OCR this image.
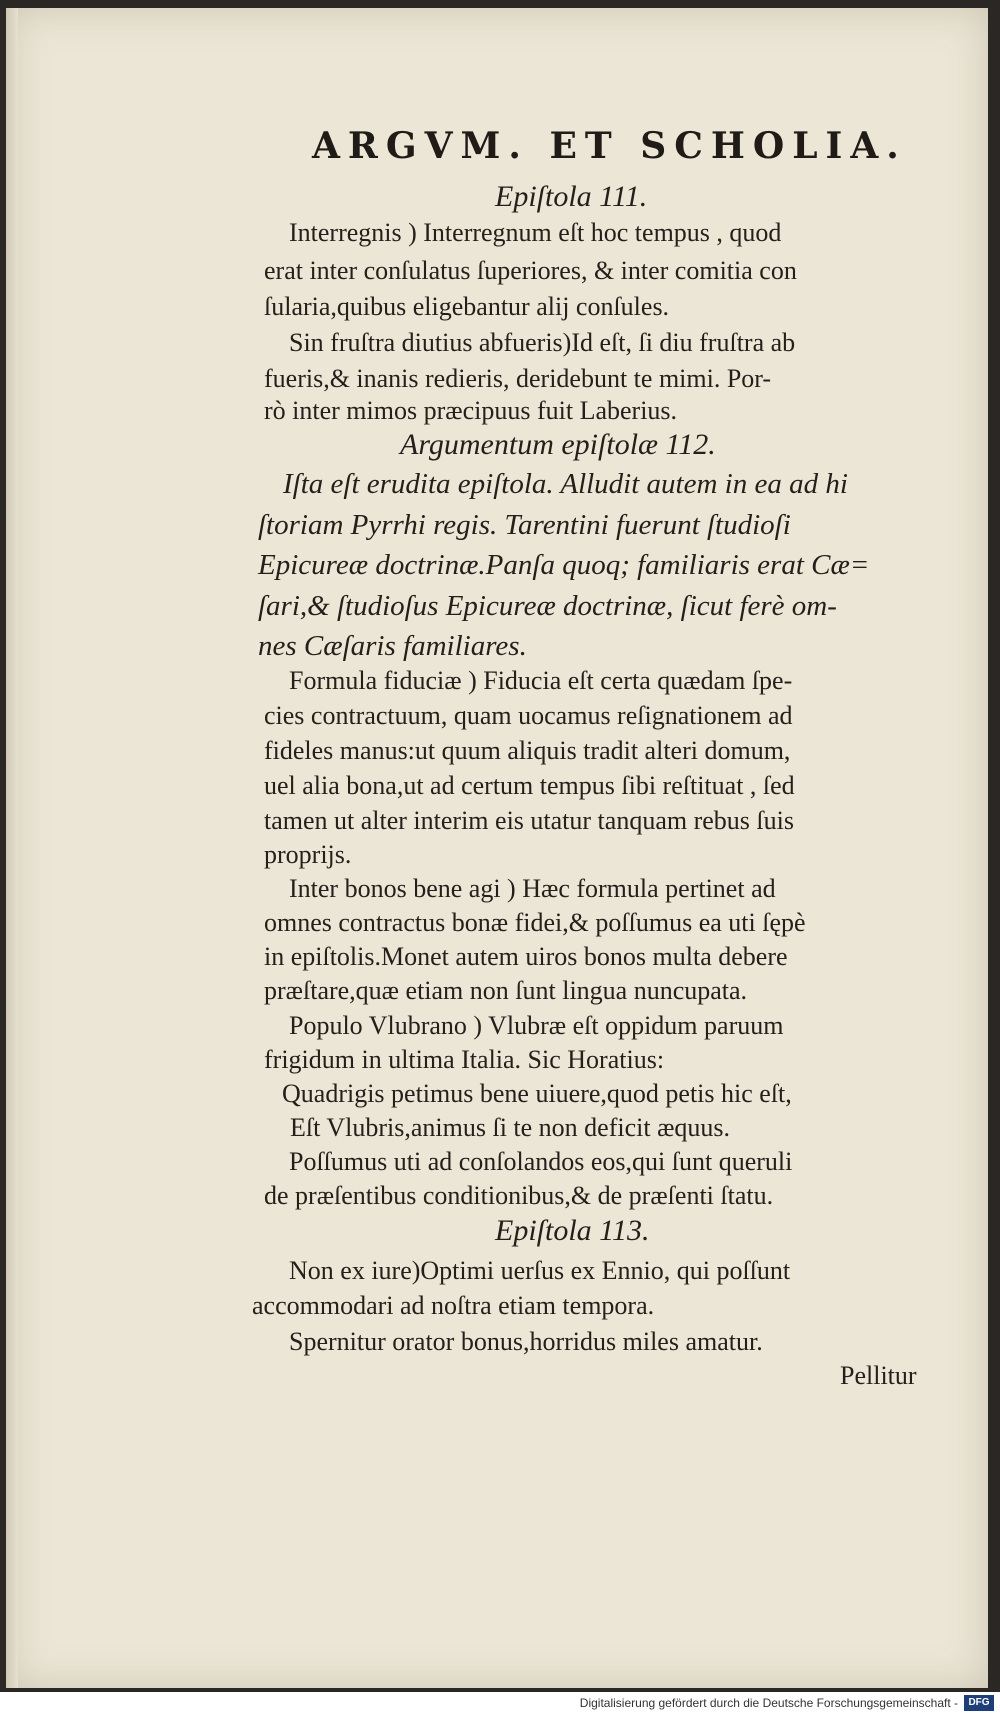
ARGVM. ET SCHOLIA.
Epiſtola 111.
Interregnis ) Interregnum eſt hoc tempus , quod
erat inter conſulatus ſuperiores, & inter comitia con
ſularia,quibus eligebantur alij conſules.
Sin fruſtra diutius abfueris)Id eſt, ſi diu fruſtra ab
fueris,& inanis redieris, deridebunt te mimi. Por-
rò inter mimos præcipuus fuit Laberius.
Argumentum epiſtolæ 112.
Iſta eſt erudita epiſtola. Alludit autem in ea ad hi
ſtoriam Pyrrhi regis. Tarentini fuerunt ſtudioſi
Epicureæ doctrinæ.Panſa quoq; familiaris erat Cæ=
ſari,& ſtudioſus Epicureæ doctrinæ, ſicut ferè om-
nes Cæſaris familiares.
Formula fiduciæ ) Fiducia eſt certa quædam ſpe-
cies contractuum, quam uocamus reſignationem ad
fideles manus:ut quum aliquis tradit alteri domum,
uel alia bona,ut ad certum tempus ſibi reſtituat , ſed
tamen ut alter interim eis utatur tanquam rebus ſuis
proprijs.
Inter bonos bene agi ) Hæc formula pertinet ad
omnes contractus bonæ fidei,& poſſumus ea uti ſępè
in epiſtolis.Monet autem uiros bonos multa debere
præſtare,quæ etiam non ſunt lingua nuncupata.
Populo Vlubrano ) Vlubræ eſt oppidum paruum
frigidum in ultima Italia. Sic Horatius:
Quadrigis petimus bene uiuere,quod petis hic eſt,
Eſt Vlubris,animus ſi te non deficit æquus.
Poſſumus uti ad conſolandos eos,qui ſunt queruli
de præſentibus conditionibus,& de præſenti ſtatu.
Epiſtola 113.
Non ex iure)Optimi uerſus ex Ennio, qui poſſunt
accommodari ad noſtra etiam tempora.
Spernitur orator bonus,horridus miles amatur.
Pellitur
Digitalisierung gefördert durch die Deutsche Forschungsgemeinschaft -	DFG
